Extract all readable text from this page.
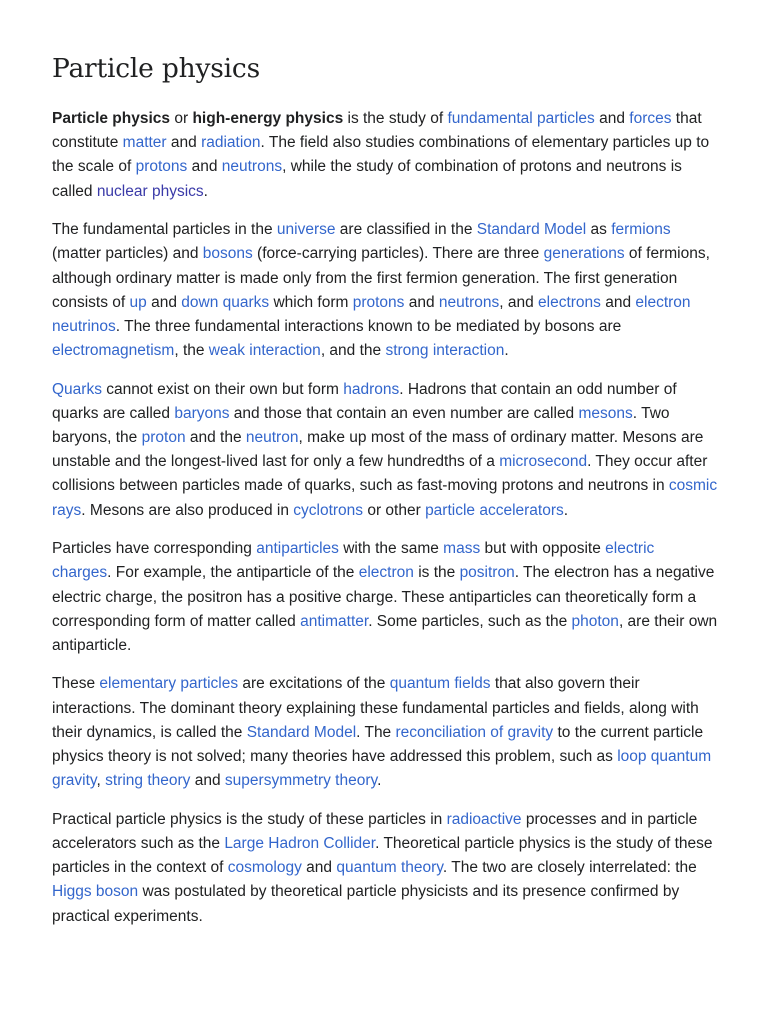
Particle physics

Particle physics or high-energy physics is the study of fundamental particles and forces that constitute matter and radiation. The field also studies combinations of elementary particles up to the scale of protons and neutrons, while the study of combination of protons and neutrons is called nuclear physics.

The fundamental particles in the universe are classified in the Standard Model as fermions (matter particles) and bosons (force-carrying particles). There are three generations of fermions, although ordinary matter is made only from the first fermion generation. The first generation consists of up and down quarks which form protons and neutrons, and electrons and electron neutrinos. The three fundamental interactions known to be mediated by bosons are electromagnetism, the weak interaction, and the strong interaction.

Quarks cannot exist on their own but form hadrons. Hadrons that contain an odd number of quarks are called baryons and those that contain an even number are called mesons. Two baryons, the proton and the neutron, make up most of the mass of ordinary matter. Mesons are unstable and the longest-lived last for only a few hundredths of a microsecond. They occur after collisions between particles made of quarks, such as fast-moving protons and neutrons in cosmic rays. Mesons are also produced in cyclotrons or other particle accelerators.

Particles have corresponding antiparticles with the same mass but with opposite electric charges. For example, the antiparticle of the electron is the positron. The electron has a negative electric charge, the positron has a positive charge. These antiparticles can theoretically form a corresponding form of matter called antimatter. Some particles, such as the photon, are their own antiparticle.

These elementary particles are excitations of the quantum fields that also govern their interactions. The dominant theory explaining these fundamental particles and fields, along with their dynamics, is called the Standard Model. The reconciliation of gravity to the current particle physics theory is not solved; many theories have addressed this problem, such as loop quantum gravity, string theory and supersymmetry theory.

Practical particle physics is the study of these particles in radioactive processes and in particle accelerators such as the Large Hadron Collider. Theoretical particle physics is the study of these particles in the context of cosmology and quantum theory. The two are closely interrelated: the Higgs boson was postulated by theoretical particle physicists and its presence confirmed by practical experiments.
